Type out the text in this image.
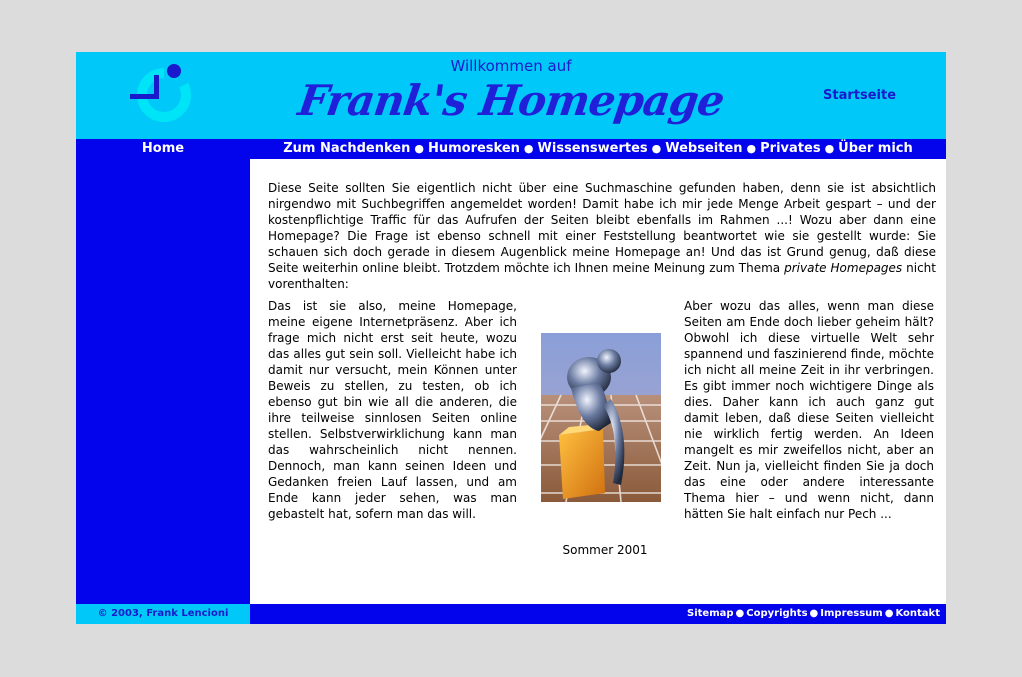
Willkommen auf
Frank's Homepage	Startseite
Home	Zum Nachdenken ● Humoresken ● Wissenswertes ● Webseiten ● Privates ● Über mich

Diese Seite sollten Sie eigentlich nicht über eine Suchmaschine gefunden haben, denn sie ist absichtlich nirgendwo mit Suchbegriffen angemeldet worden! Damit habe ich mir jede Menge Arbeit gespart – und der kostenpflichtige Traffic für das Aufrufen der Seiten bleibt ebenfalls im Rahmen ...! Wozu aber dann eine Homepage? Die Frage ist ebenso schnell mit einer Feststellung beantwortet wie sie gestellt wurde: Sie schauen sich doch gerade in diesem Augenblick meine Homepage an! Und das ist Grund genug, daß diese Seite weiterhin online bleibt. Trotzdem möchte ich Ihnen meine Meinung zum Thema private Homepages nicht vorenthalten:

Das ist sie also, meine Homepage, meine eigene Internetpräsenz. Aber ich frage mich nicht erst seit heute, wozu das alles gut sein soll. Vielleicht habe ich damit nur versucht, mein Können unter Beweis zu stellen, zu testen, ob ich ebenso gut bin wie all die anderen, die ihre teilweise sinnlosen Seiten online stellen. Selbstverwirklichung kann man das wahrscheinlich nicht nennen. Dennoch, man kann seinen Ideen und Gedanken freien Lauf lassen, und am Ende kann jeder sehen, was man gebastelt hat, sofern man das will.

Sommer 2001

Aber wozu das alles, wenn man diese Seiten am Ende doch lieber geheim hält? Obwohl ich diese virtuelle Welt sehr spannend und faszinierend finde, möchte ich nicht all meine Zeit in ihr verbringen. Es gibt immer noch wichtigere Dinge als dies. Daher kann ich auch ganz gut damit leben, daß diese Seiten vielleicht nie wirklich fertig werden. An Ideen mangelt es mir zweifellos nicht, aber an Zeit. Nun ja, vielleicht finden Sie ja doch das eine oder andere interessante Thema hier – und wenn nicht, dann hätten Sie halt einfach nur Pech ...

© 2003, Frank Lencioni	Sitemap ● Copyrights ● Impressum ● Kontakt
